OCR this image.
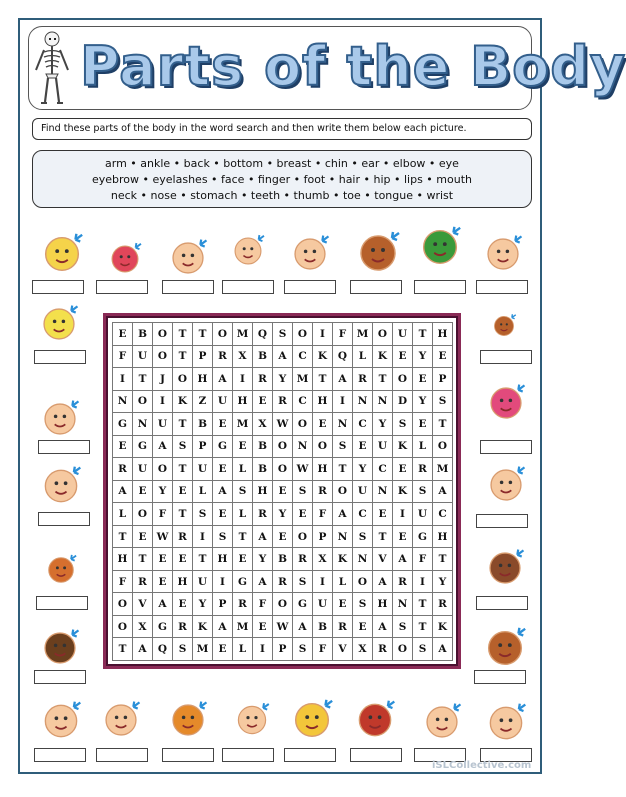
Parts of the Body
Find these parts of the body in the word search and then write them below each picture.
arm • ankle • back • bottom • breast • chin • ear • elbow • eye
eyebrow • eyelashes • face • finger • foot • hair • hip • lips • mouth
neck • nose • stomach • teeth • thumb • toe • tongue • wrist
E	B	O	T	T	O M Q	S	O	I	F M O	U	T	H
F	U	O	T	P	R	X	B	A	C	K	Q	L	K	E	Y	E
I	T	J	O H	A	I	R	Y M T	A	R	T	O	E	P
N	O	I	K	Z	U H	E	R	C	H	I	N N	D	Y	S
G	N	U	T	B	E M X W O	E	N	C	Y	S	E	T
E	G	A	S	P	G	E	B	O	N	O	S	E	U	K	L	O
R	U	O	T	U	E	L	B	O W H	T	Y	C	E	R M
A	E	Y	E	L	A	S	H	E	S	R	O	U	N	K	S	A
L	O	F	T	S	E	L	R	Y	E	F	A	C	E	I	U	C
T	E W R	I	S	T	A	E	O	P	N	S	T	E	G	H
H	T	E	E	T	H	E	Y	B	R	X	K	N	V	A	F	T
F	R	E	H U	I	G	A	R	S	I	L	O	A	R	I	Y
O	V	A	E	Y	P	R	F	O	G	U	E	S	H N	T	R
O	X	G	R	K	A M E W A	B	R	E	A	S	T	K
T	A	Q	S M E	L	I	P	S	F	V	X	R	O	S	A
iSLCollective.com
